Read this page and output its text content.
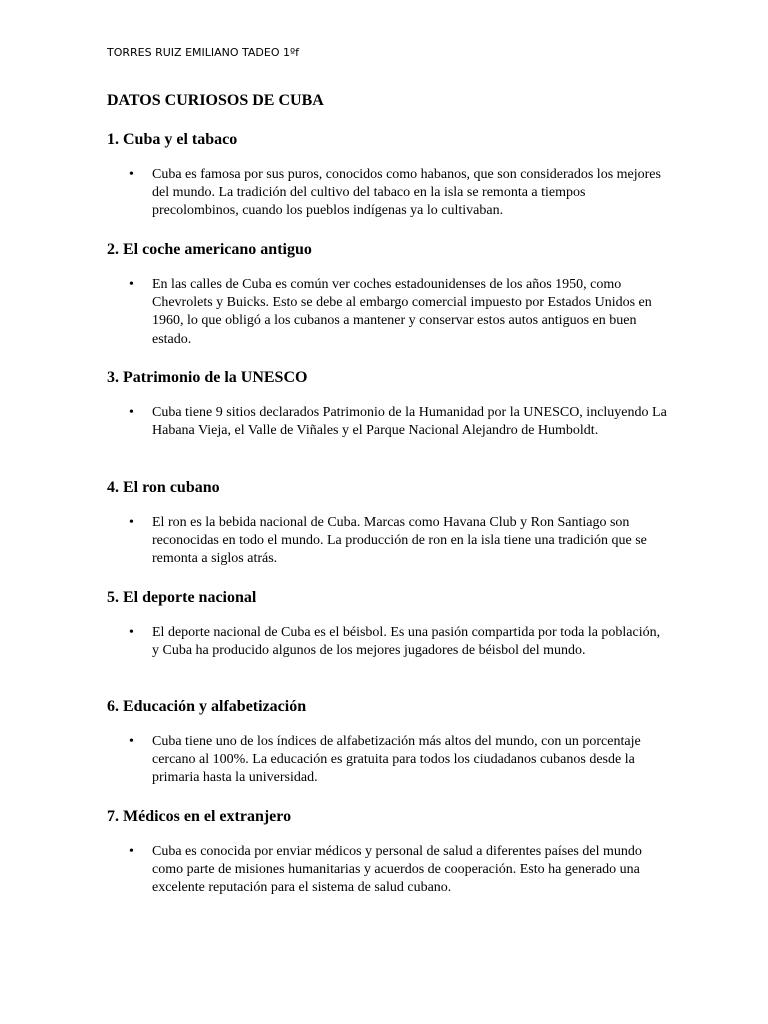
TORRES RUIZ EMILIANO TADEO 1ºf
DATOS CURIOSOS DE CUBA
1. Cuba y el tabaco
• Cuba es famosa por sus puros, conocidos como habanos, que son considerados los mejores del mundo. La tradición del cultivo del tabaco en la isla se remonta a tiempos precolombinos, cuando los pueblos indígenas ya lo cultivaban.
2. El coche americano antiguo
• En las calles de Cuba es común ver coches estadounidenses de los años 1950, como Chevrolets y Buicks. Esto se debe al embargo comercial impuesto por Estados Unidos en 1960, lo que obligó a los cubanos a mantener y conservar estos autos antiguos en buen estado.
3. Patrimonio de la UNESCO
• Cuba tiene 9 sitios declarados Patrimonio de la Humanidad por la UNESCO, incluyendo La Habana Vieja, el Valle de Viñales y el Parque Nacional Alejandro de Humboldt.
4. El ron cubano
• El ron es la bebida nacional de Cuba. Marcas como Havana Club y Ron Santiago son reconocidas en todo el mundo. La producción de ron en la isla tiene una tradición que se remonta a siglos atrás.
5. El deporte nacional
• El deporte nacional de Cuba es el béisbol. Es una pasión compartida por toda la población, y Cuba ha producido algunos de los mejores jugadores de béisbol del mundo.
6. Educación y alfabetización
• Cuba tiene uno de los índices de alfabetización más altos del mundo, con un porcentaje cercano al 100%. La educación es gratuita para todos los ciudadanos cubanos desde la primaria hasta la universidad.
7. Médicos en el extranjero
• Cuba es conocida por enviar médicos y personal de salud a diferentes países del mundo como parte de misiones humanitarias y acuerdos de cooperación. Esto ha generado una excelente reputación para el sistema de salud cubano.
